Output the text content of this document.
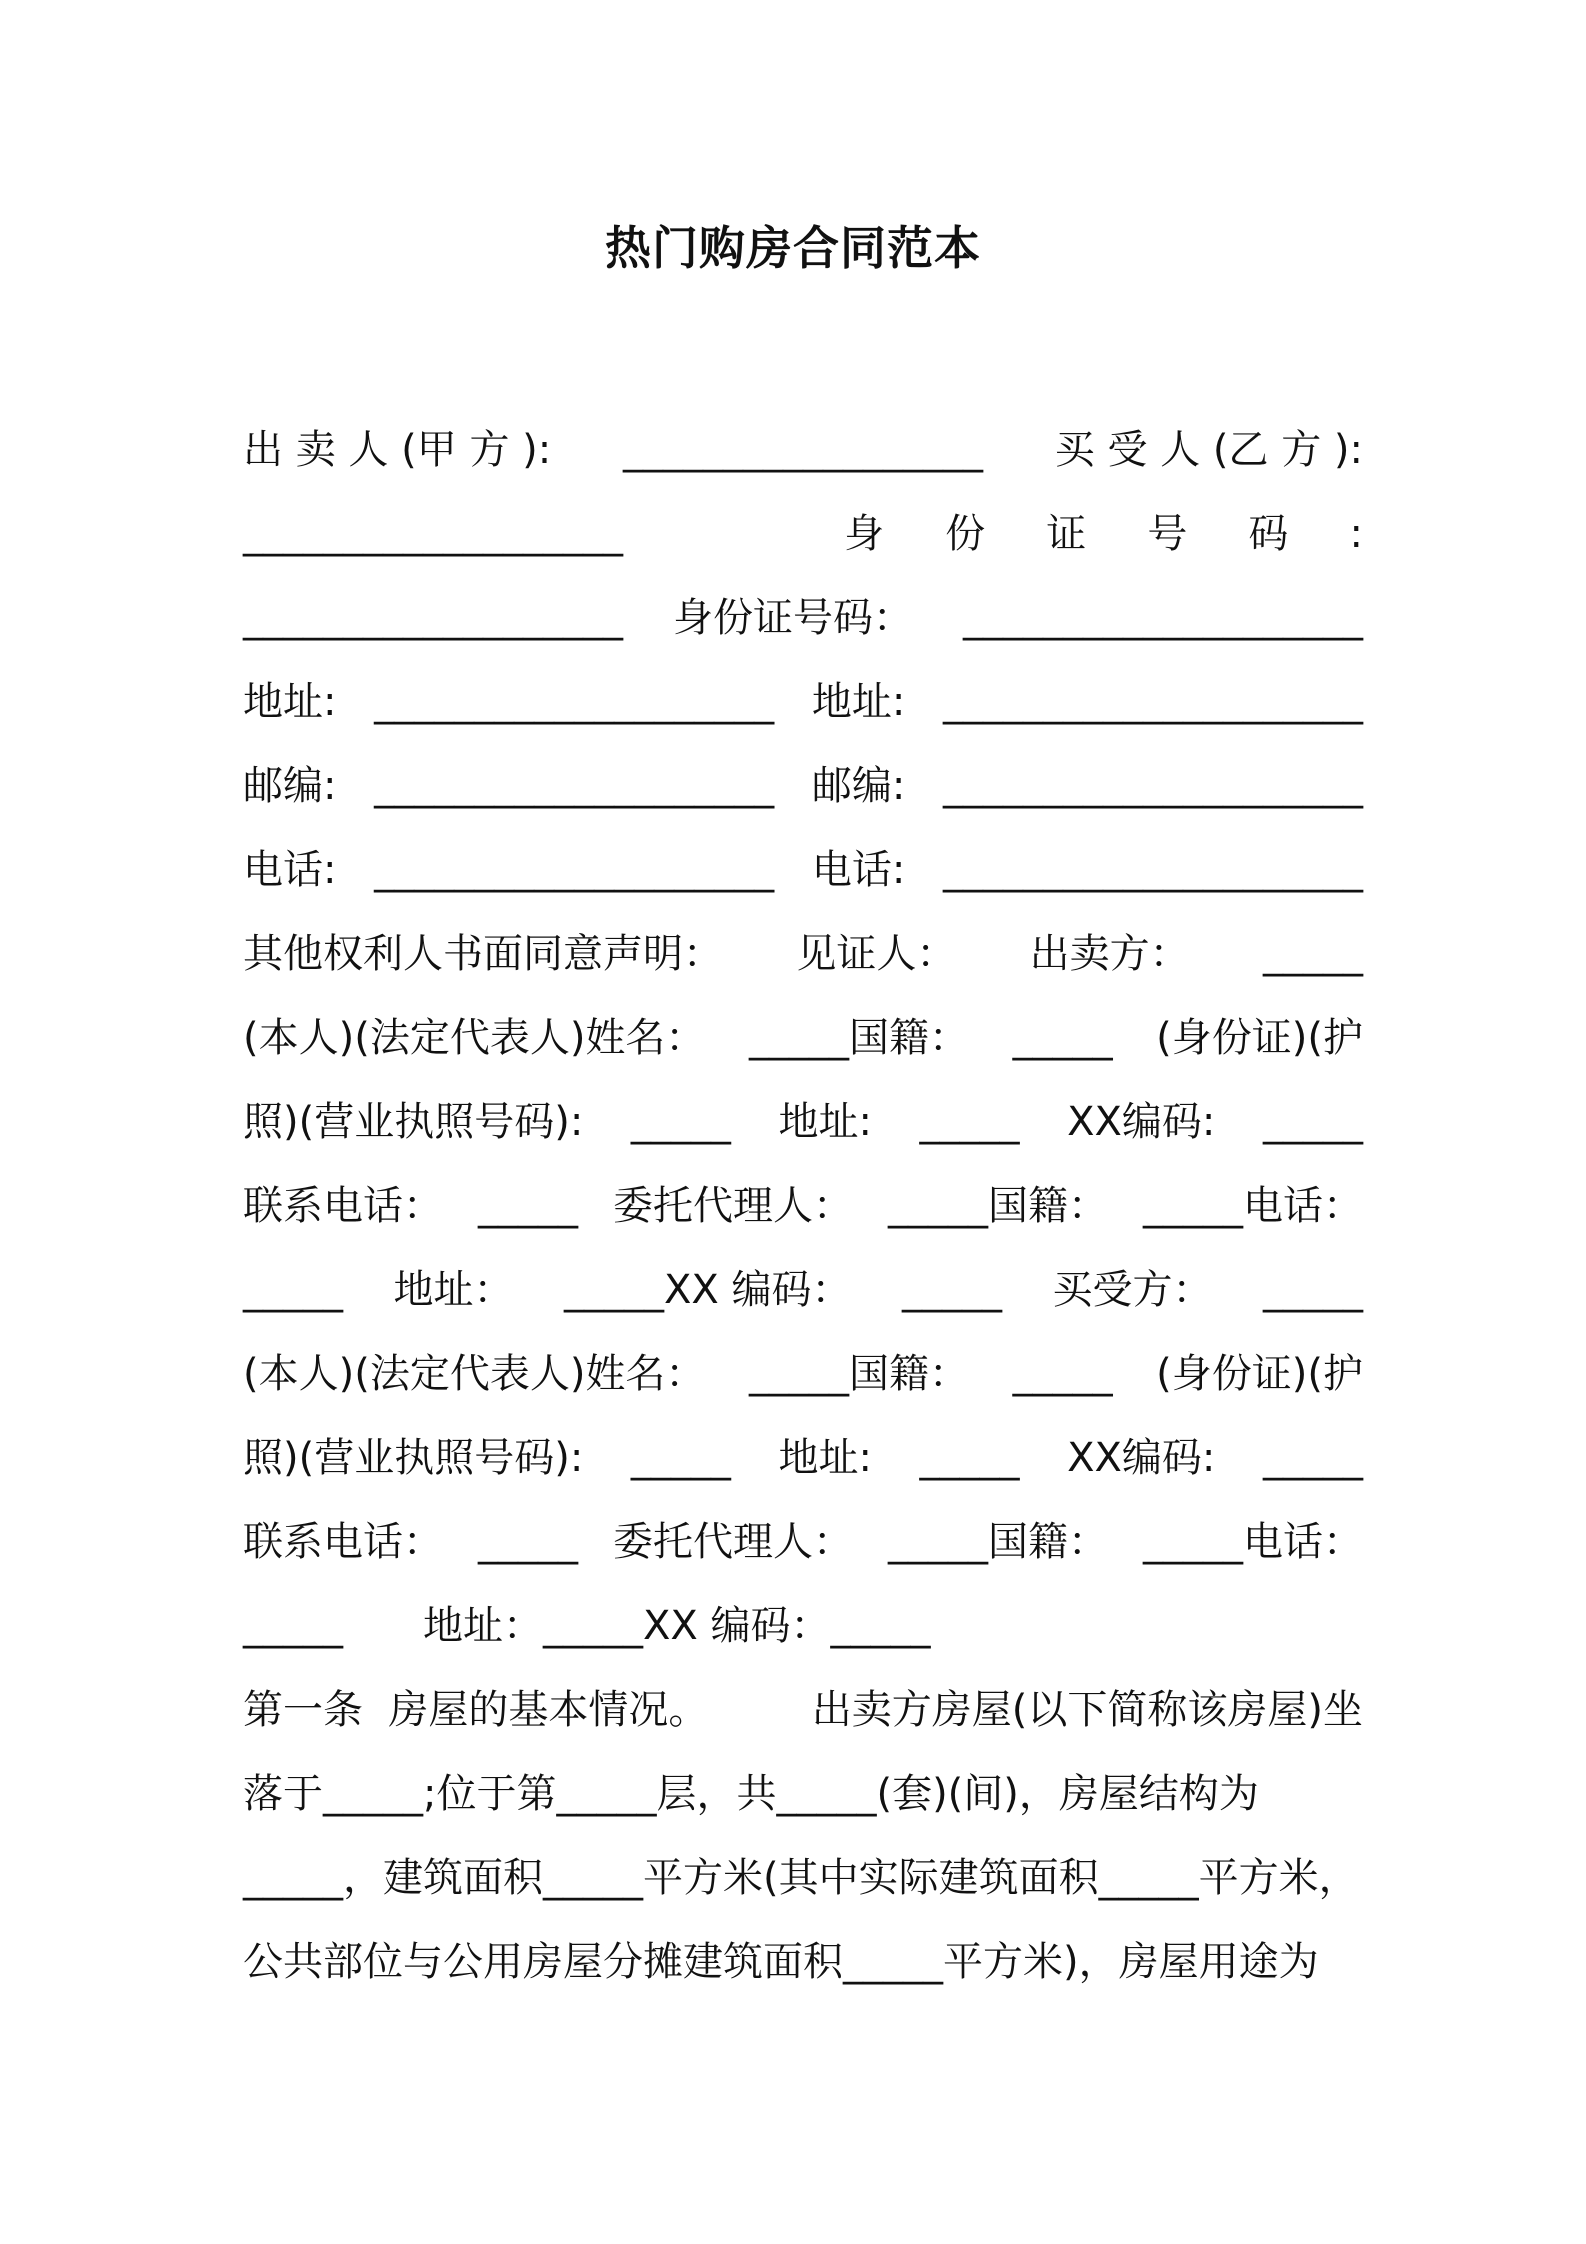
热门购房合同范本
出 卖 人 (甲 方 ): __________________ 买 受 人 (乙 方 ):
___________________	身 份 证 号 码 :
___________________ 身份证号码： ____________________
地址: ____________________ 地址: _____________________
邮编: ____________________ 邮编: _____________________
电话: ____________________ 电话: _____________________
其他权利人书面同意声明： 见证人： 出卖方： _____
(本人)(法定代表人)姓名： _____国籍： _____ (身份证)(护
照)(营业执照号码): _____ 地址: _____ XX编码: _____
联系电话： _____ 委托代理人： _____国籍： _____电话：
_____ 地址： _____XX 编码： _____ 买受方： _____
(本人)(法定代表人)姓名： _____国籍： _____ (身份证)(护
照)(营业执照号码): _____ 地址: _____ XX编码: _____
联系电话： _____ 委托代理人： _____国籍： _____电话：
_____ 地址： _____XX 编码： _____
第一条  房屋的基本情况。	出卖方房屋(以下简称该房屋)坐
落于_____;位于第_____层，共_____(套)(间)，房屋结构为
_____，建筑面积_____平方米(其中实际建筑面积_____平方米，
公共部位与公用房屋分摊建筑面积_____平方米)，房屋用途为
